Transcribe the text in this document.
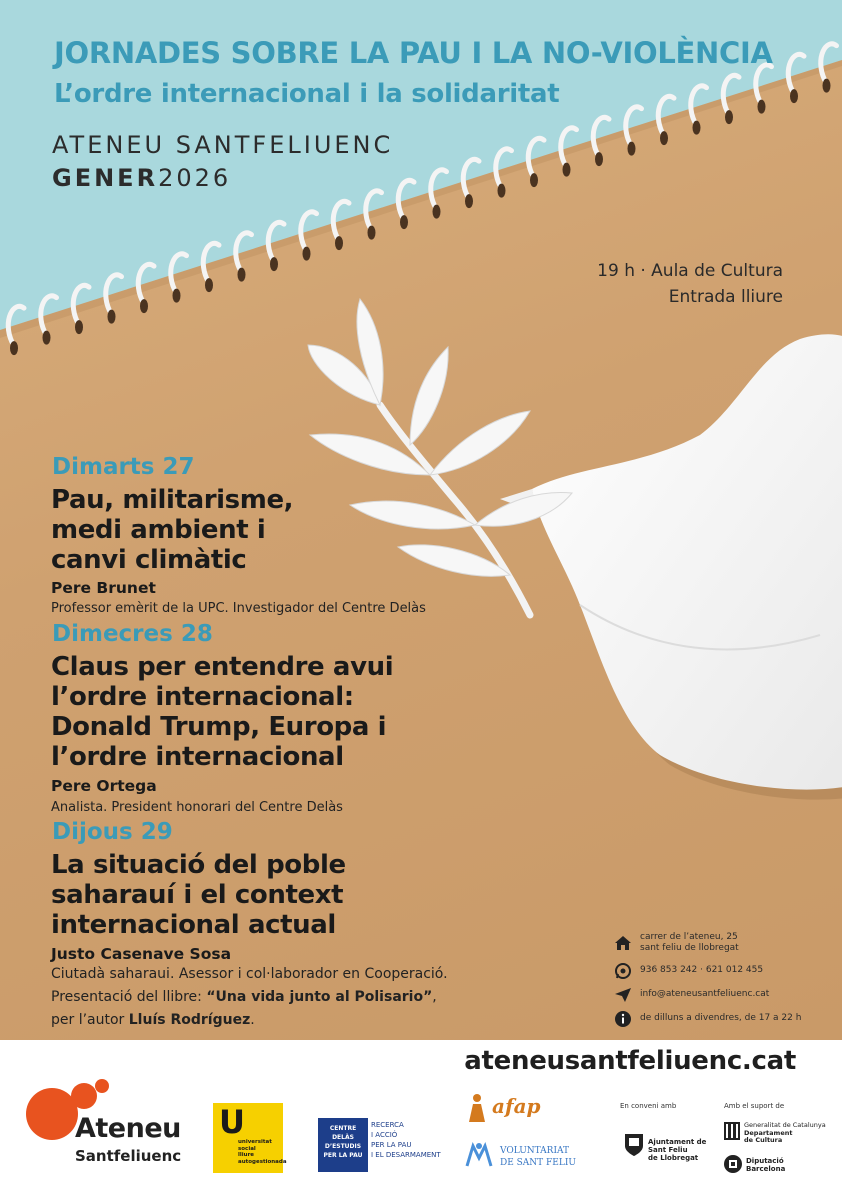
JORNADES SOBRE LA PAU I LA NO-VIOLÈNCIA
L’ordre internacional i la solidaritat
ATENEU SANTFELIUENC
GENER2026
19 h · Aula de Cultura
Entrada lliure
Dimarts 27
Pau, militarisme,
medi ambient i
canvi climàtic
Pere Brunet
Professor emèrit de la UPC. Investigador del Centre Delàs
Dimecres 28
Claus per entendre avui
l’ordre internacional:
Donald Trump, Europa i
l’ordre internacional
Pere Ortega
Analista. President honorari del Centre Delàs
Dijous 29
La situació del poble
saharauí i el context
internacional actual
Justo Casenave Sosa
Ciutadà saharaui. Asessor i col·laborador en Cooperació.
Presentació del llibre: “Una vida junto al Polisario”,
per l’autor Lluís Rodríguez.
carrer de l’ateneu, 25
sant feliu de llobregat
936 853 242 · 621 012 455
info@ateneusantfeliuenc.cat
de dilluns a divendres, de 17 a 22 h
ateneusantfeliuenc.cat
Ateneu
Santfeliuenc
U
universitat
social
lliure
autogestionada
CENTRE DELÀS
D’ESTUDIS
PER LA PAU
RECERCA
I ACCIÓ
PER LA PAU
I EL DESARMAMENT
afap
VOLUNTARIAT
DE SANT FELIU
En conveni amb
Ajuntament de
Sant Feliu
de Llobregat
Amb el suport de
Generalitat de Catalunya
Departament
de Cultura
Diputació
Barcelona
